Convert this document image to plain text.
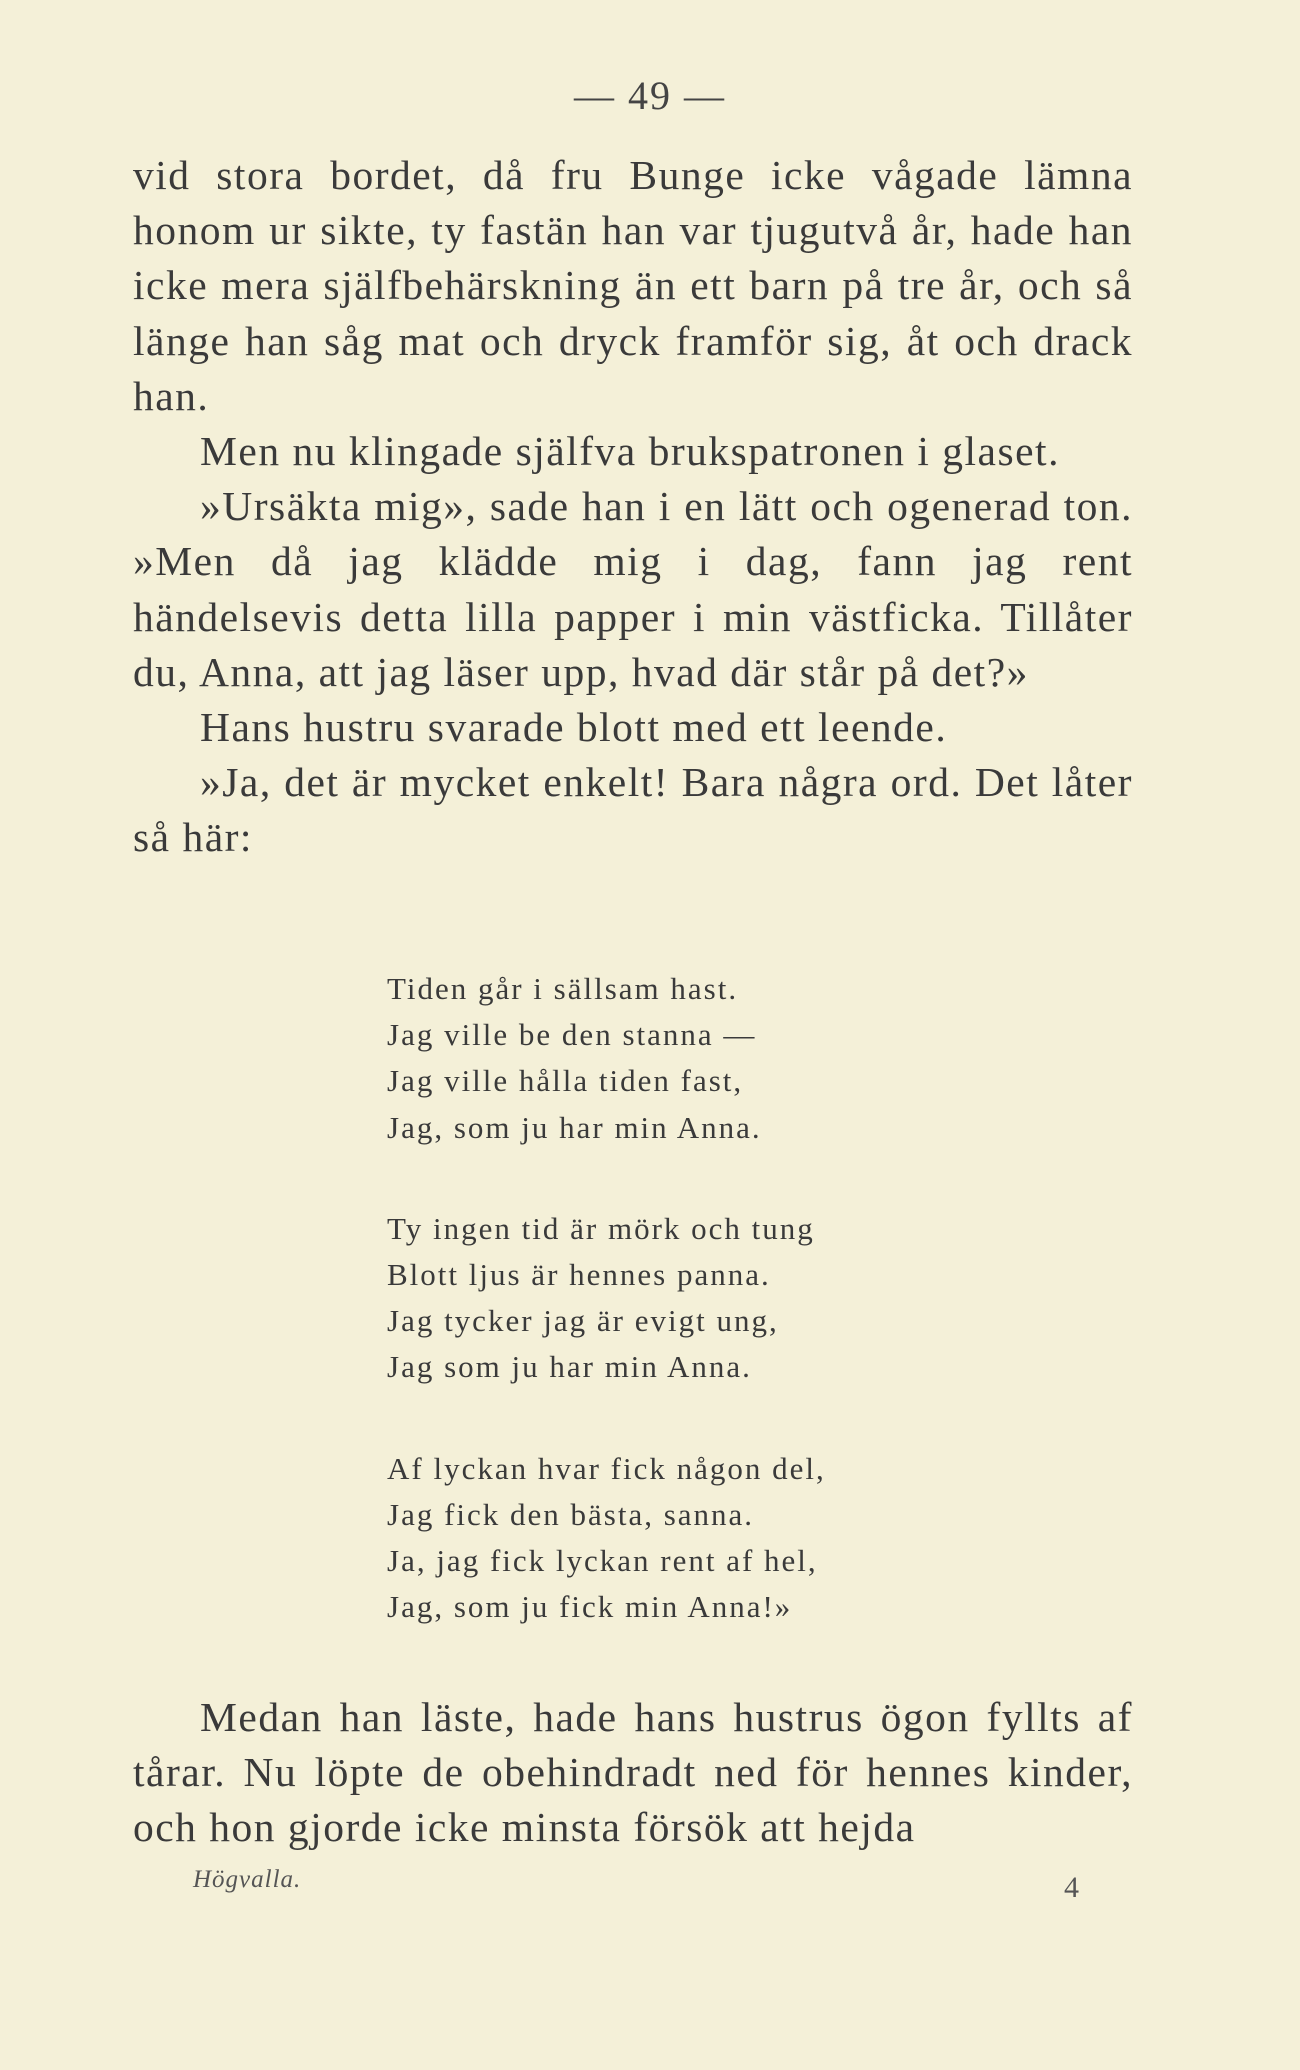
— 49 —

vid stora bordet, då fru Bunge icke vågade lämna honom ur sikte, ty fastän han var tjugutvå år, hade han icke mera själfbehärskning än ett barn på tre år, och så länge han såg mat och dryck framför sig, åt och drack han.

Men nu klingade själfva brukspatronen i glaset.

»Ursäkta mig», sade han i en lätt och ogenerad ton. »Men då jag klädde mig i dag, fann jag rent händelsevis detta lilla papper i min västficka. Tillåter du, Anna, att jag läser upp, hvad där står på det?»

Hans hustru svarade blott med ett leende.

»Ja, det är mycket enkelt! Bara några ord. Det låter så här:

Tiden går i sällsam hast.
Jag ville be den stanna —
Jag ville hålla tiden fast,
Jag, som ju har min Anna.
Ty ingen tid är mörk och tung
Blott ljus är hennes panna.
Jag tycker jag är evigt ung,
Jag som ju har min Anna.
Af lyckan hvar fick någon del,
Jag fick den bästa, sanna.
Ja, jag fick lyckan rent af hel,
Jag, som ju fick min Anna!»

Medan han läste, hade hans hustrus ögon fyllts af tårar. Nu löpte de obehindradt ned för hennes kinder, och hon gjorde icke minsta försök att hejda

Högvalla.	4
